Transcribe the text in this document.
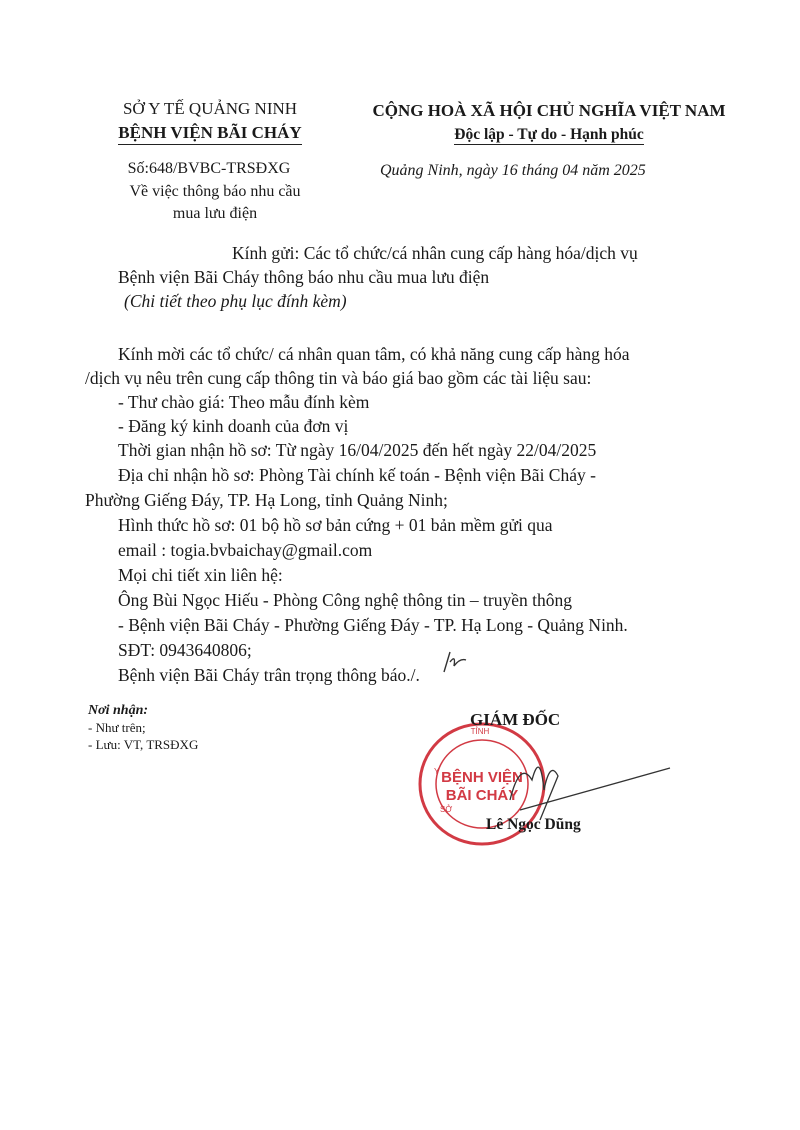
SỞ Y TẾ QUẢNG NINH
BỆNH VIỆN BÃI CHÁY
CỘNG HOÀ XÃ HỘI CHỦ NGHĨA VIỆT NAM
Độc lập - Tự do - Hạnh phúc
Số:648/BVBC-TRSĐXG
Về việc thông báo nhu cầu
mua lưu điện
Quảng Ninh, ngày 16 tháng 04 năm 2025
Kính gửi: Các tổ chức/cá nhân cung cấp hàng hóa/dịch vụ
Bệnh viện Bãi Cháy thông báo nhu cầu mua lưu điện
(Chi tiết theo phụ lục đính kèm)
Kính mời các tổ chức/ cá nhân quan tâm, có khả năng cung cấp hàng hóa
/dịch vụ nêu trên cung cấp thông tin và báo giá bao gồm các tài liệu sau:
- Thư chào giá: Theo mẫu đính kèm
- Đăng ký kinh doanh của đơn vị
Thời gian nhận hồ sơ: Từ ngày 16/04/2025 đến hết ngày 22/04/2025
Địa chỉ nhận hồ sơ: Phòng Tài chính kế toán - Bệnh viện Bãi Cháy -
Phường Giếng Đáy, TP. Hạ Long, tỉnh Quảng Ninh;
Hình thức hồ sơ: 01 bộ hồ sơ bản cứng + 01 bản mềm gửi qua
email : togia.bvbaichay@gmail.com
Mọi chi tiết xin liên hệ:
Ông Bùi Ngọc Hiếu - Phòng Công nghệ thông tin – truyền thông
- Bệnh viện Bãi Cháy - Phường Giếng Đáy - TP. Hạ Long - Quảng Ninh.
SĐT: 0943640806;
Bệnh viện Bãi Cháy trân trọng thông báo./.
Nơi nhận:
- Như trên;
- Lưu: VT, TRSĐXG
BỆNH VIỆN
BÃI CHÁY
TỈNH
Y
SỞ
GIÁM ĐỐC
Lê Ngọc Dũng
